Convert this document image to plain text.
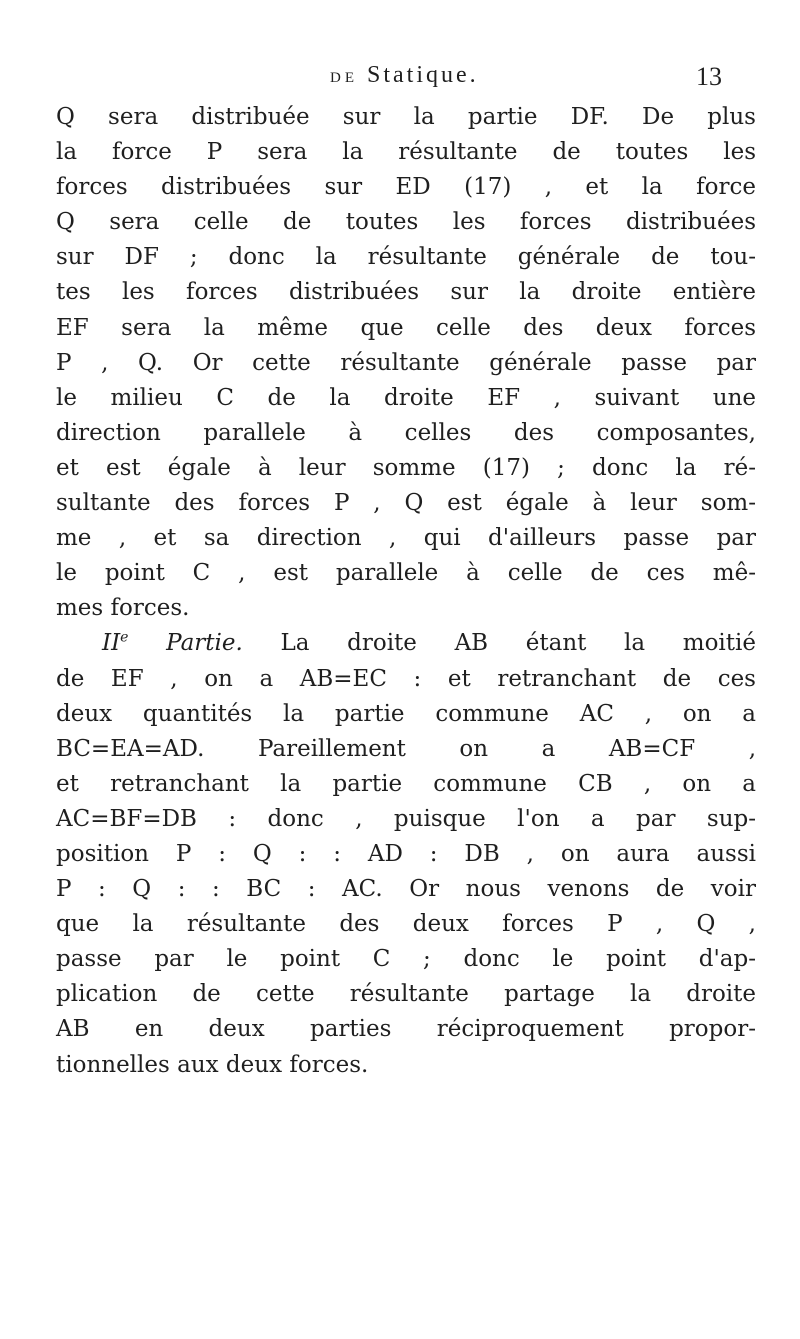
DE Statique.	13
Q sera distribuée sur la partie DF. De plus
la force P sera la résultante de toutes les
forces distribuées sur ED (17) , et la force
Q sera celle de toutes les forces distribuées
sur DF ; donc la résultante générale de tou-
tes les forces distribuées sur la droite entière
EF sera la même que celle des deux forces
P , Q. Or cette résultante générale passe par
le milieu C de la droite EF , suivant une
direction parallele à celles des composantes,
et est égale à leur somme (17) ; donc la ré-
sultante des forces P , Q est égale à leur som-
me , et sa direction , qui d'ailleurs passe par
le point C , est parallele à celle de ces mê-
mes forces.
IIe Partie. La droite AB étant la moitié
de EF , on a AB=EC : et retranchant de ces
deux quantités la partie commune AC , on a
BC=EA=AD. Pareillement on a AB=CF ,
et retranchant la partie commune CB , on a
AC=BF=DB : donc , puisque l'on a par sup-
position P : Q : : AD : DB , on aura aussi
P : Q : : BC : AC. Or nous venons de voir
que la résultante des deux forces P , Q ,
passe par le point C ; donc le point d'ap-
plication de cette résultante partage la droite
AB en deux parties réciproquement propor-
tionnelles aux deux forces.
